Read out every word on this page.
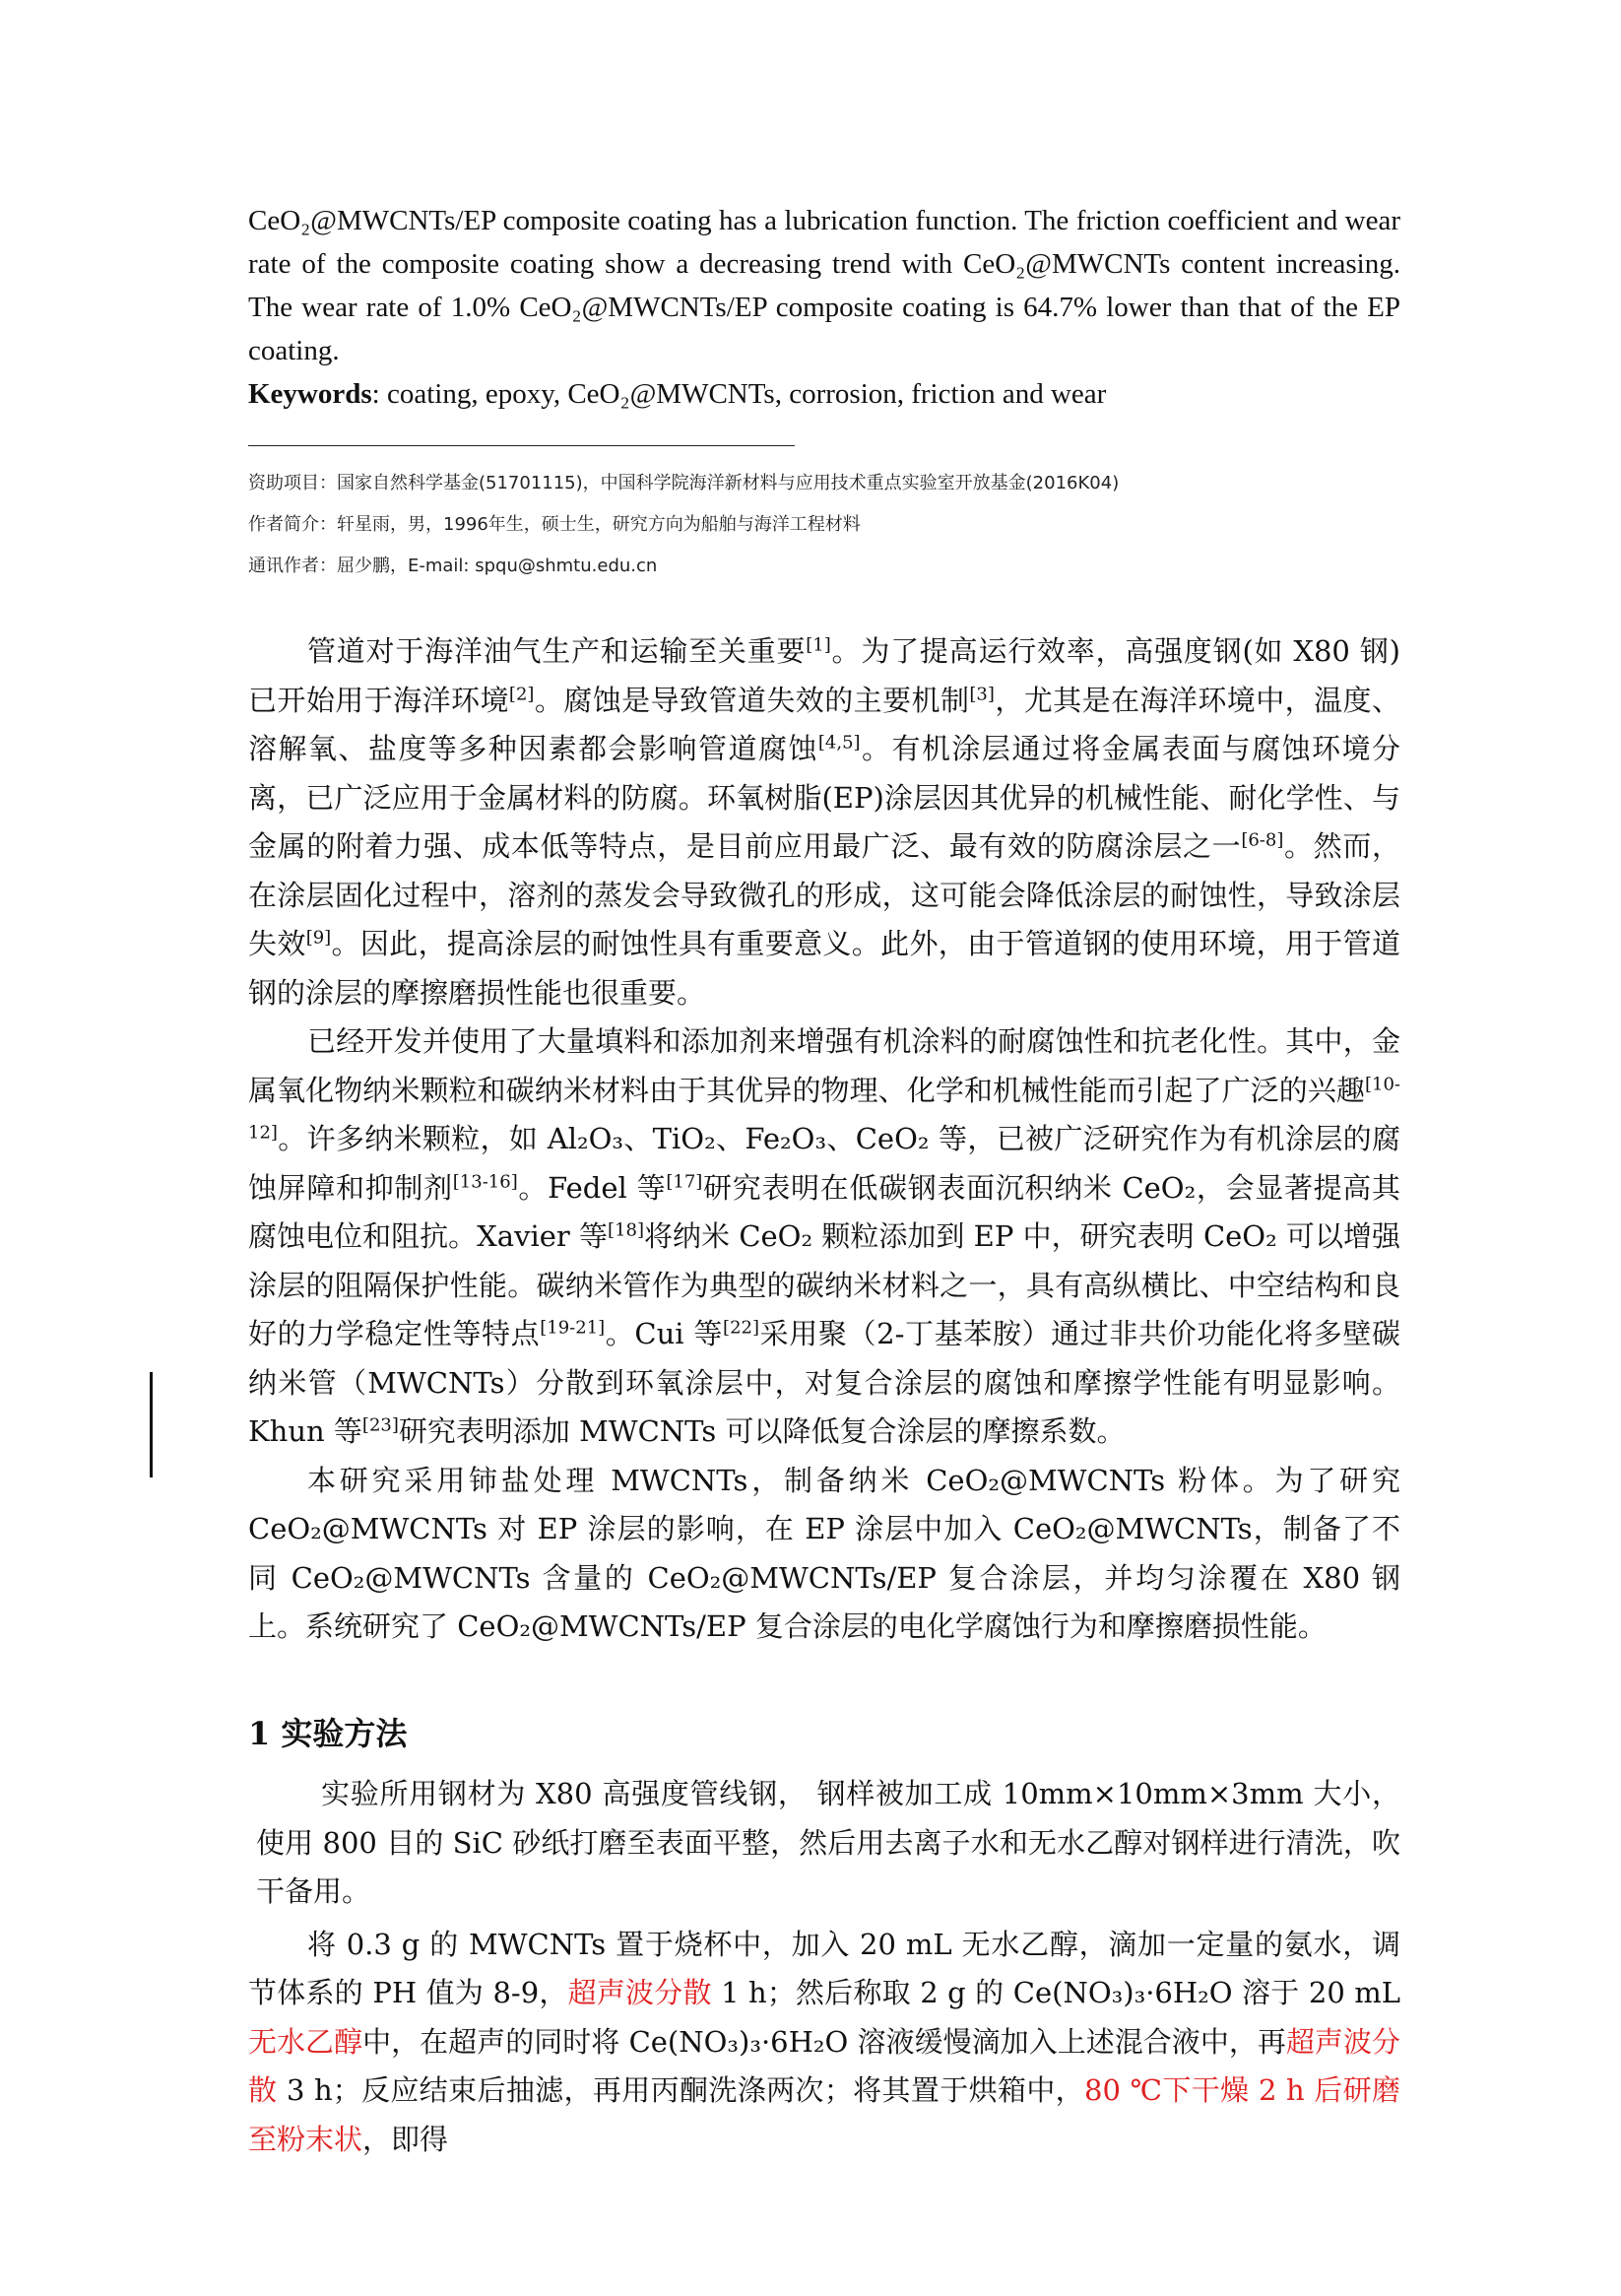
CeO₂@MWCNTs/EP composite coating has a lubrication function. The friction coefficient and wear rate of the composite coating show a decreasing trend with CeO₂@MWCNTs content increasing. The wear rate of 1.0% CeO₂@MWCNTs/EP composite coating is 64.7% lower than that of the EP coating.
Keywords: coating, epoxy, CeO₂@MWCNTs, corrosion, friction and wear
资助项目：国家自然科学基金(51701115)，中国科学院海洋新材料与应用技术重点实验室开放基金(2016K04)
作者简介：轩星雨，男，1996年生，硕士生，研究方向为船舶与海洋工程材料
通讯作者：屈少鹏，E-mail: spqu@shmtu.edu.cn

管道对于海洋油气生产和运输至关重要[1]。为了提高运行效率，高强度钢(如 X80 钢)已开始用于海洋环境[2]。腐蚀是导致管道失效的主要机制[3]，尤其是在海洋环境中，温度、溶解氧、盐度等多种因素都会影响管道腐蚀[4,5]。有机涂层通过将金属表面与腐蚀环境分离，已广泛应用于金属材料的防腐。环氧树脂(EP)涂层因其优异的机械性能、耐化学性、与金属的附着力强、成本低等特点，是目前应用最广泛、最有效的防腐涂层之一[6-8]。然而，在涂层固化过程中，溶剂的蒸发会导致微孔的形成，这可能会降低涂层的耐蚀性，导致涂层失效[9]。因此，提高涂层的耐蚀性具有重要意义。此外，由于管道钢的使用环境，用于管道钢的涂层的摩擦磨损性能也很重要。

已经开发并使用了大量填料和添加剂来增强有机涂料的耐腐蚀性和抗老化性。其中，金属氧化物纳米颗粒和碳纳米材料由于其优异的物理、化学和机械性能而引起了广泛的兴趣[10-12]。许多纳米颗粒，如 Al₂O₃、TiO₂、Fe₂O₃、CeO₂ 等，已被广泛研究作为有机涂层的腐蚀屏障和抑制剂[13-16]。Fedel 等[17]研究表明在低碳钢表面沉积纳米 CeO₂，会显著提高其腐蚀电位和阻抗。Xavier 等[18]将纳米 CeO₂ 颗粒添加到 EP 中，研究表明 CeO₂ 可以增强涂层的阻隔保护性能。碳纳米管作为典型的碳纳米材料之一，具有高纵横比、中空结构和良好的力学稳定性等特点[19-21]。Cui 等[22]采用聚（2-丁基苯胺）通过非共价功能化将多壁碳纳米管（MWCNTs）分散到环氧涂层中，对复合涂层的腐蚀和摩擦学性能有明显影响。Khun 等[23]研究表明添加 MWCNTs 可以降低复合涂层的摩擦系数。

本研究采用铈盐处理 MWCNTs，制备纳米 CeO₂@MWCNTs 粉体。为了研究 CeO₂@MWCNTs 对 EP 涂层的影响，在 EP 涂层中加入 CeO₂@MWCNTs，制备了不同 CeO₂@MWCNTs 含量的 CeO₂@MWCNTs/EP 复合涂层，并均匀涂覆在 X80 钢上。系统研究了 CeO₂@MWCNTs/EP 复合涂层的电化学腐蚀行为和摩擦磨损性能。

1 实验方法

实验所用钢材为 X80 高强度管线钢， 钢样被加工成 10mm×10mm×3mm 大小，使用 800 目的 SiC 砂纸打磨至表面平整，然后用去离子水和无水乙醇对钢样进行清洗，吹干备用。

将 0.3 g 的 MWCNTs 置于烧杯中，加入 20 mL 无水乙醇，滴加一定量的氨水，调节体系的 PH 值为 8-9，超声波分散 1 h；然后称取 2 g 的 Ce(NO₃)₃·6H₂O 溶于 20 mL 无水乙醇中，在超声的同时将 Ce(NO₃)₃·6H₂O 溶液缓慢滴加入上述混合液中，再超声波分散 3 h；反应结束后抽滤，再用丙酮洗涤两次；将其置于烘箱中，80 ℃下干燥 2 h 后研磨至粉末状，即得
